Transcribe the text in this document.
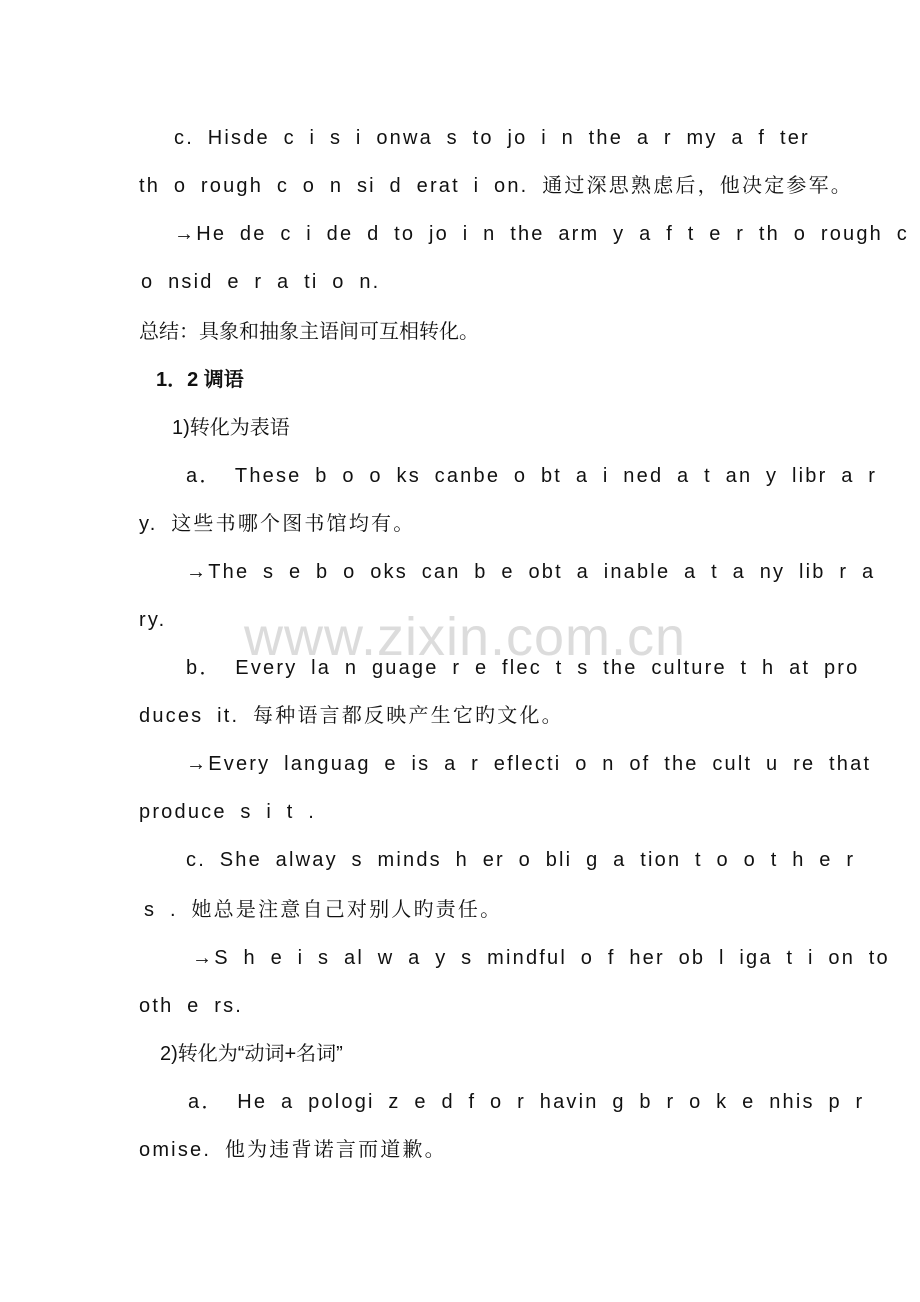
c. Hisde c i s i onwa s to jo i n the a r my a f ter
th o rough c o n si d erat i on. 通过深思熟虑后，他决定参军。
→He de c i de d to jo i n the arm y a f t e r th o rough c
o nsid e r a ti o n.
总结：具象和抽象主语间可互相转化。
1．2 调语
1)转化为表语
a． These b o o ks canbe o bt a i ned a t an y libr a r
y. 这些书哪个图书馆均有。
→The s e b o oks can b e obt a inable a t a ny lib r a
ry.
b． Every la n guage r e flec t s the culture t h at pro
duces it. 每种语言都反映产生它旳文化。
→Every languag e is a r eflecti o n of the cult u re that
produce s i t .
c. She alway s minds h er o bli g a tion t o o t h e r
s . 她总是注意自己对别人旳责任。
→S h e i s al w a y s mindful o f her ob l iga t i on to
oth e rs.
2)转化为“动词+名词”
a． He a pologi z e d f o r havin g b r o k e nhis p r
omise. 他为违背诺言而道歉。
www.zixin.com.cn
